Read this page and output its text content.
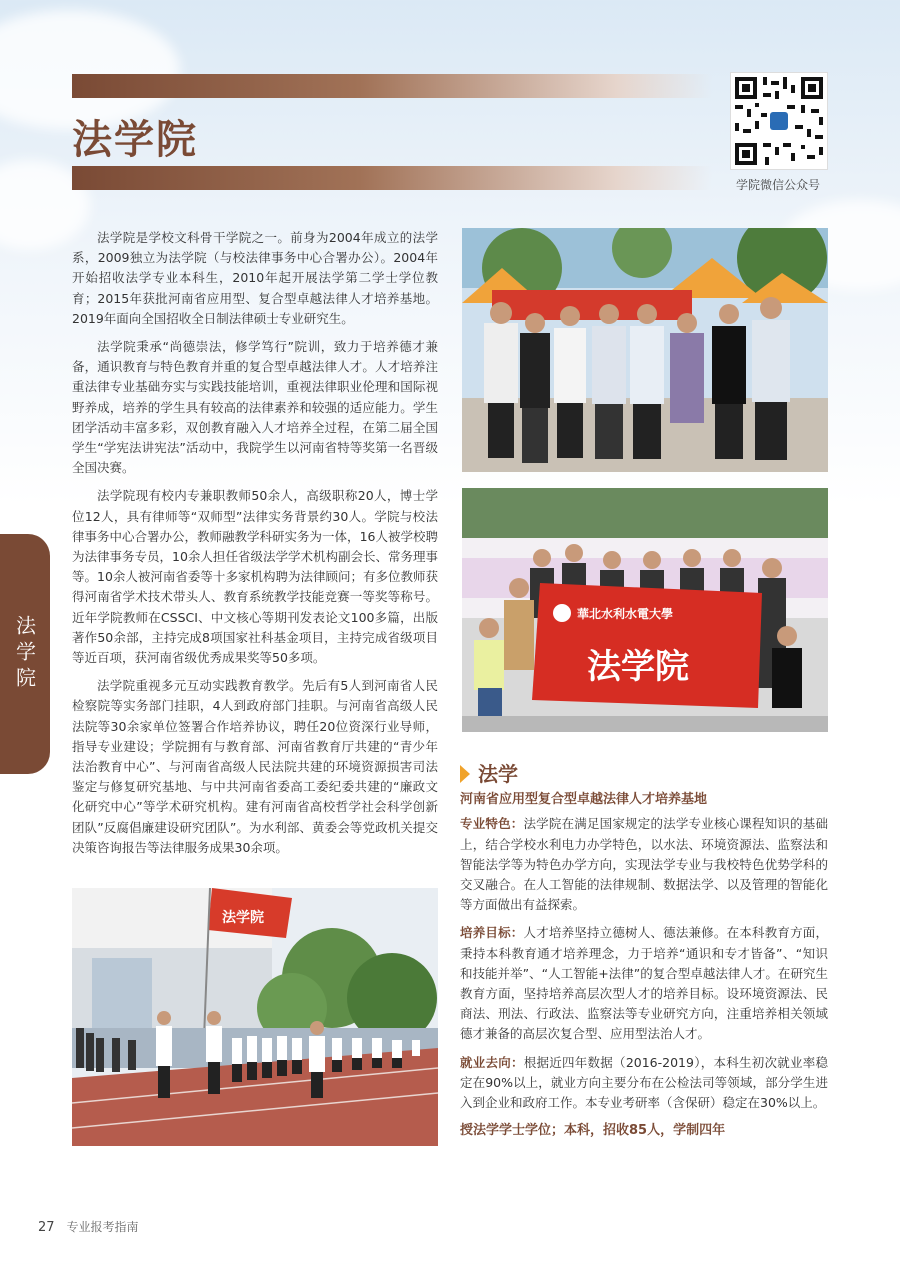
法学院
学院微信公众号
法学院

法学院是学校文科骨干学院之一。前身为2004年成立的法学系，2009独立为法学院（与校法律事务中心合署办公）。2004年开始招收法学专业本科生，2010年起开展法学第二学士学位教育；2015年获批河南省应用型、复合型卓越法律人才培养基地。2019年面向全国招收全日制法律硕士专业研究生。

法学院秉承“尚德崇法，修学笃行”院训，致力于培养德才兼备，通识教育与特色教育并重的复合型卓越法律人才。人才培养注重法律专业基础夯实与实践技能培训，重视法律职业伦理和国际视野养成，培养的学生具有较高的法律素养和较强的适应能力。学生团学活动丰富多彩，双创教育融入人才培养全过程，在第二届全国学生“学宪法讲宪法”活动中，我院学生以河南省特等奖第一名晋级全国决赛。

法学院现有校内专兼职教师50余人，高级职称20人，博士学位12人，具有律师等“双师型”法律实务背景约30人。学院与校法律事务中心合署办公，教师融教学科研实务为一体，16人被学校聘为法律事务专员，10余人担任省级法学学术机构副会长、常务理事等。10余人被河南省委等十多家机构聘为法律顾问；有多位教师获得河南省学术技术带头人、教育系统教学技能竞赛一等奖等称号。近年学院教师在CSSCI、中文核心等期刊发表论文100多篇，出版著作50余部，主持完成8项国家社科基金项目，主持完成省级项目等近百项，获河南省级优秀成果奖等50多项。

法学院重视多元互动实践教育教学。先后有5人到河南省人民检察院等实务部门挂职，4人到政府部门挂职。与河南省高级人民法院等30余家单位签署合作培养协议，聘任20位资深行业导师，指导专业建设；学院拥有与教育部、河南省教育厅共建的“青少年法治教育中心”、与河南省高级人民法院共建的环境资源损害司法鉴定与修复研究基地、与中共河南省委高工委纪委共建的“廉政文化研究中心”等学术研究机构。建有河南省高校哲学社会科学创新团队”反腐倡廉建设研究团队”。为水利部、黄委会等党政机关提交决策咨询报告等法律服务成果30余项。

華北水利水電大學
法学院
法学院
法学
河南省应用型复合型卓越法律人才培养基地

专业特色：法学院在满足国家规定的法学专业核心课程知识的基础上，结合学校水利电力办学特色，以水法、环境资源法、监察法和智能法学等为特色办学方向，实现法学专业与我校特色优势学科的交叉融合。在人工智能的法律规制、数据法学、以及管理的智能化等方面做出有益探索。

培养目标：人才培养坚持立德树人、德法兼修。在本科教育方面，秉持本科教育通才培养理念，力于培养“通识和专才皆备”、“知识和技能并举”、“人工智能+法律”的复合型卓越法律人才。在研究生教育方面，坚持培养高层次型人才的培养目标。设环境资源法、民商法、刑法、行政法、监察法等专业研究方向，注重培养相关领域德才兼备的高层次复合型、应用型法治人才。

就业去向：根据近四年数据（2016-2019），本科生初次就业率稳定在90%以上，就业方向主要分布在公检法司等领域，部分学生进入到企业和政府工作。本专业考研率（含保研）稳定在30%以上。

授法学学士学位；本科，招收85人，学制四年
27 专业报考指南
